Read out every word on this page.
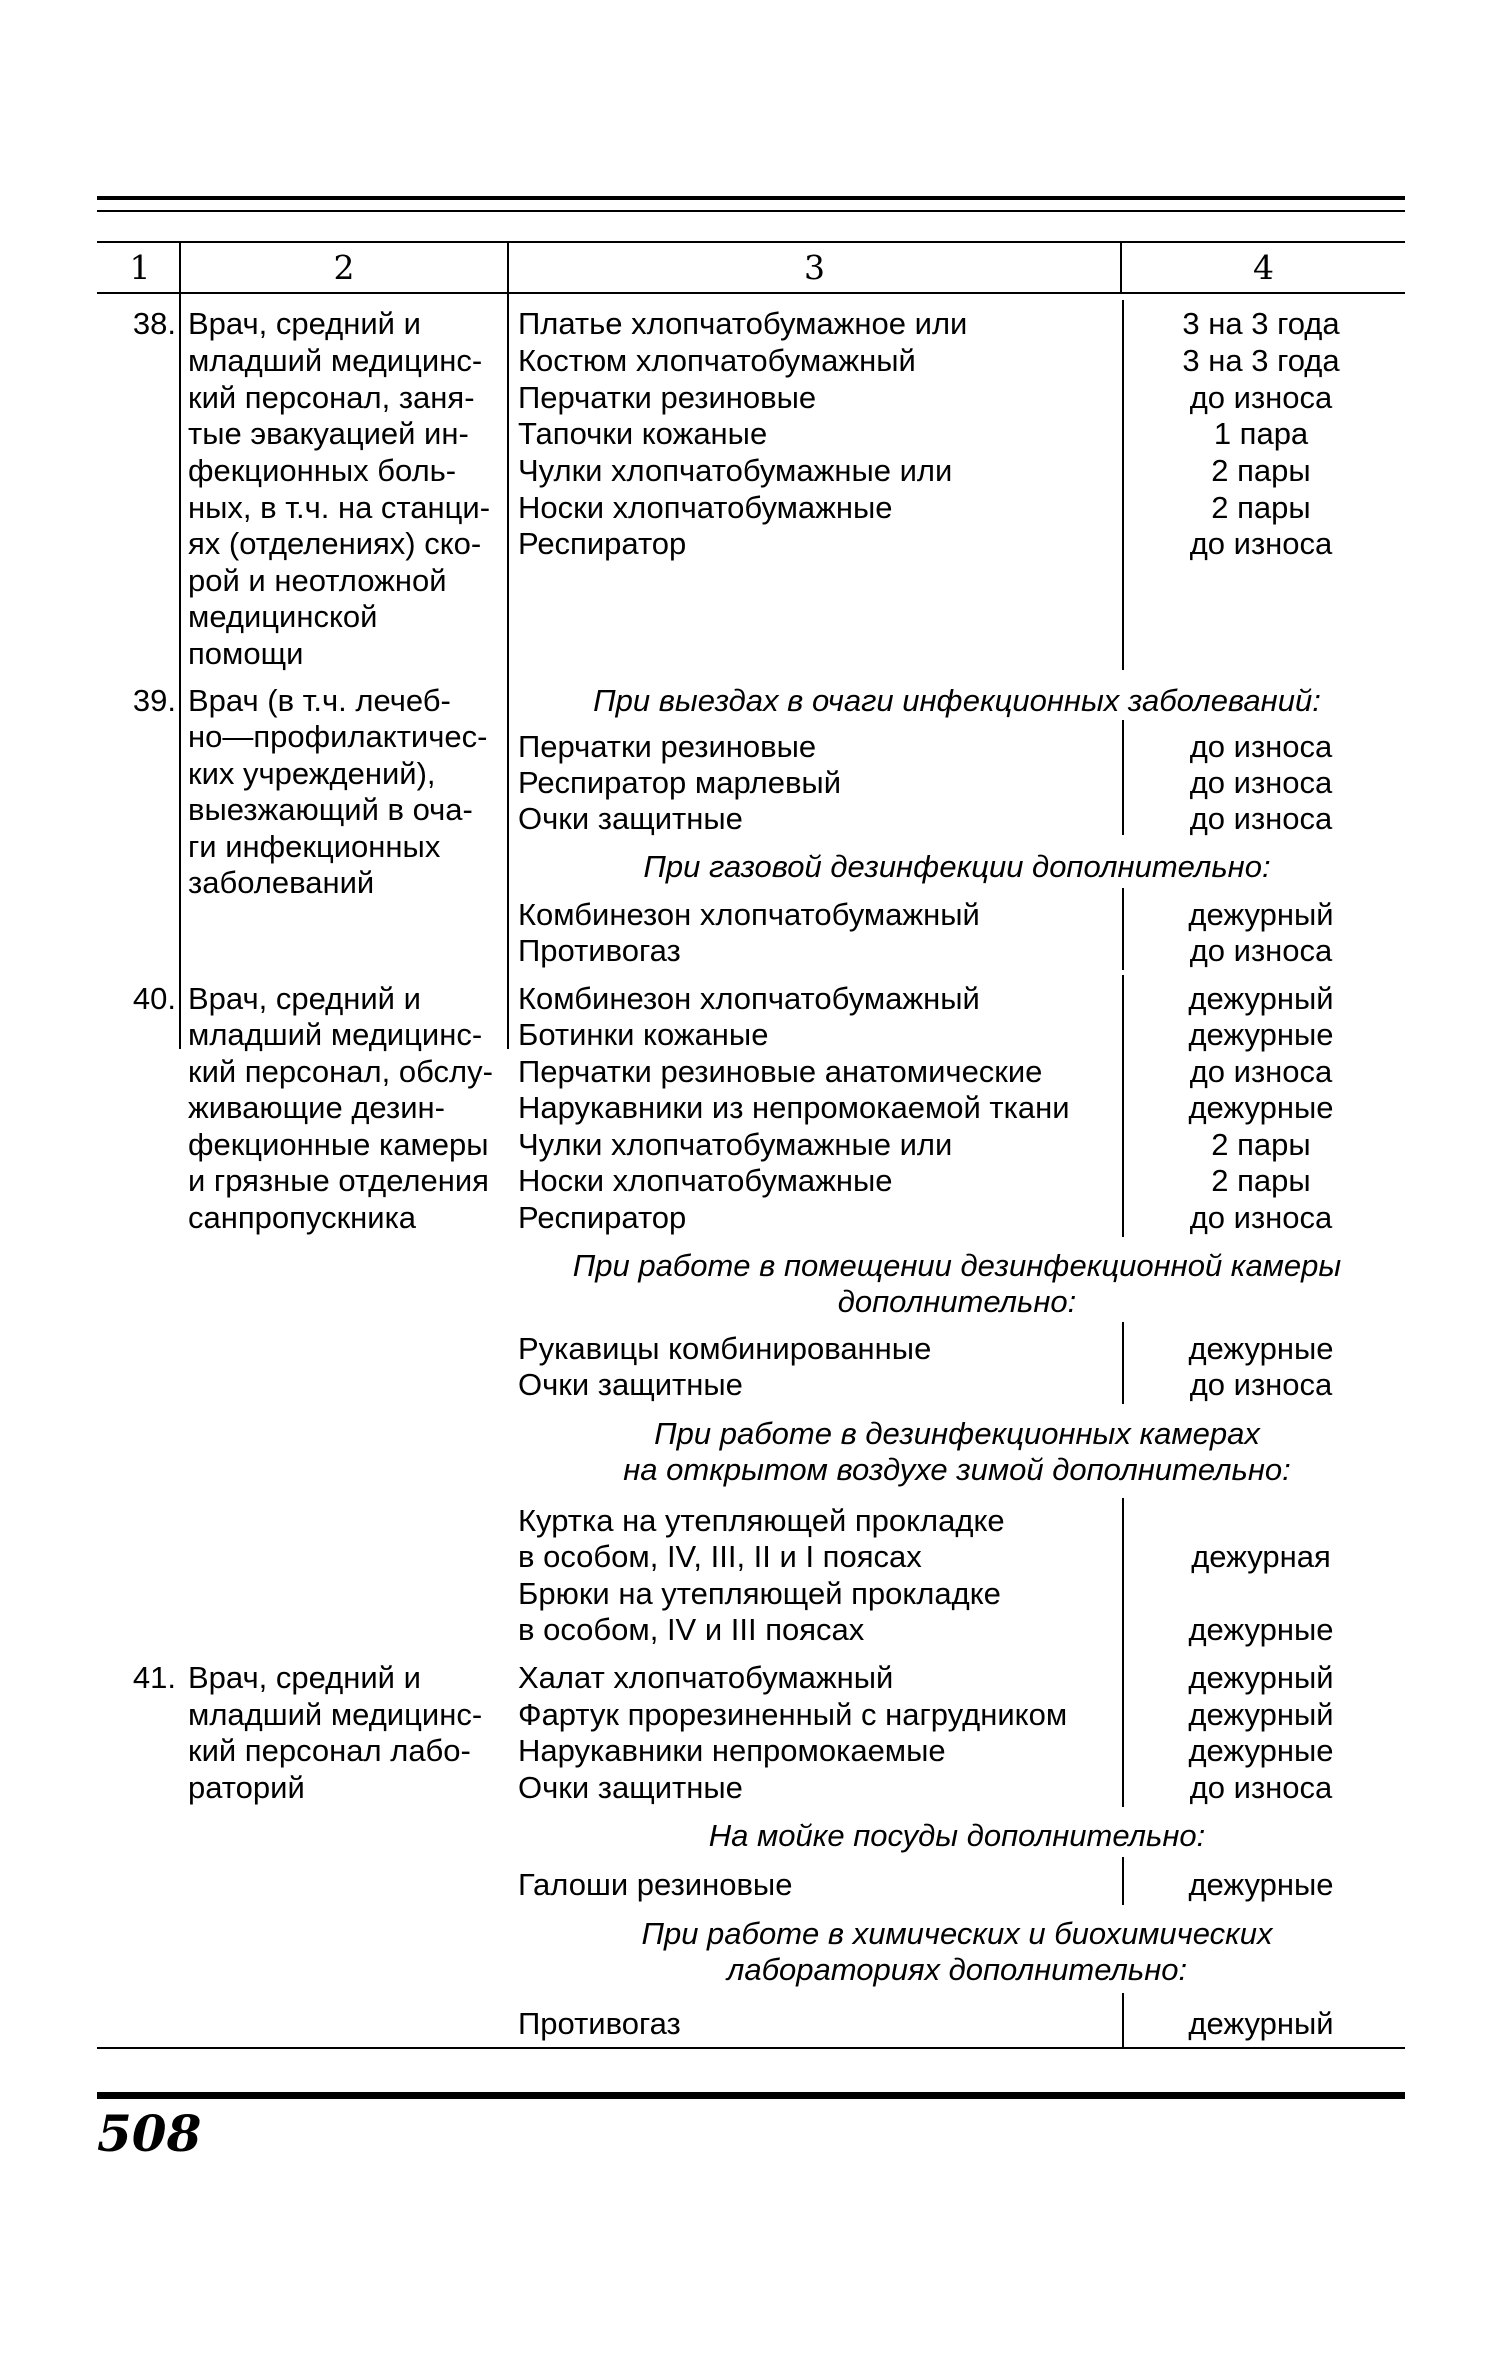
1	2	3	4
38. Врач, средний и
младший медицинс-
кий персонал, заня-
тые эвакуацией ин-
фекционных боль-
ных, в т.ч. на станци-
ях (отделениях) ско-
рой и неотложной
медицинской
помощи
Платье хлопчатобумажное или	3 на 3 года
Костюм хлопчатобумажный	3 на 3 года
Перчатки резиновые	до износа
Тапочки кожаные	1 пара
Чулки хлопчатобумажные или	2 пары
Носки хлопчатобумажные	2 пары
Респиратор	до износа
39. Врач (в т.ч. лечеб-
но—профилактичес-
ких учреждений),
выезжающий в оча-
ги инфекционных
заболеваний
При выездах в очаги инфекционных заболеваний:
Перчатки резиновые	до износа
Респиратор марлевый	до износа
Очки защитные	до износа
При газовой дезинфекции дополнительно:
Комбинезон хлопчатобумажный	дежурный
Противогаз	до износа
40. Врач, средний и
младший медицинс-
кий персонал, обслу-
живающие дезин-
фекционные камеры
и грязные отделения
санпропускника
Комбинезон хлопчатобумажный	дежурный
Ботинки кожаные	дежурные
Перчатки резиновые анатомические	до износа
Нарукавники из непромокаемой ткани	дежурные
Чулки хлопчатобумажные или	2 пары
Носки хлопчатобумажные	2 пары
Респиратор	до износа
При работе в помещении дезинфекционной камеры
дополнительно:
Рукавицы комбинированные	дежурные
Очки защитные	до износа
При работе в дезинфекционных камерах
на открытом воздухе зимой дополнительно:
Куртка на утепляющей прокладке
в особом, IV, III, II и I поясах	дежурная
Брюки на утепляющей прокладке
в особом, IV и III поясах	дежурные
41. Врач, средний и
младший медицинс-
кий персонал лабо-
раторий
Халат хлопчатобумажный	дежурный
Фартук прорезиненный с нагрудником	дежурный
Нарукавники непромокаемые	дежурные
Очки защитные	до износа
На мойке посуды дополнительно:
Галоши резиновые	дежурные
При работе в химических и биохимических
лабораториях дополнительно:
Противогаз	дежурный
508
